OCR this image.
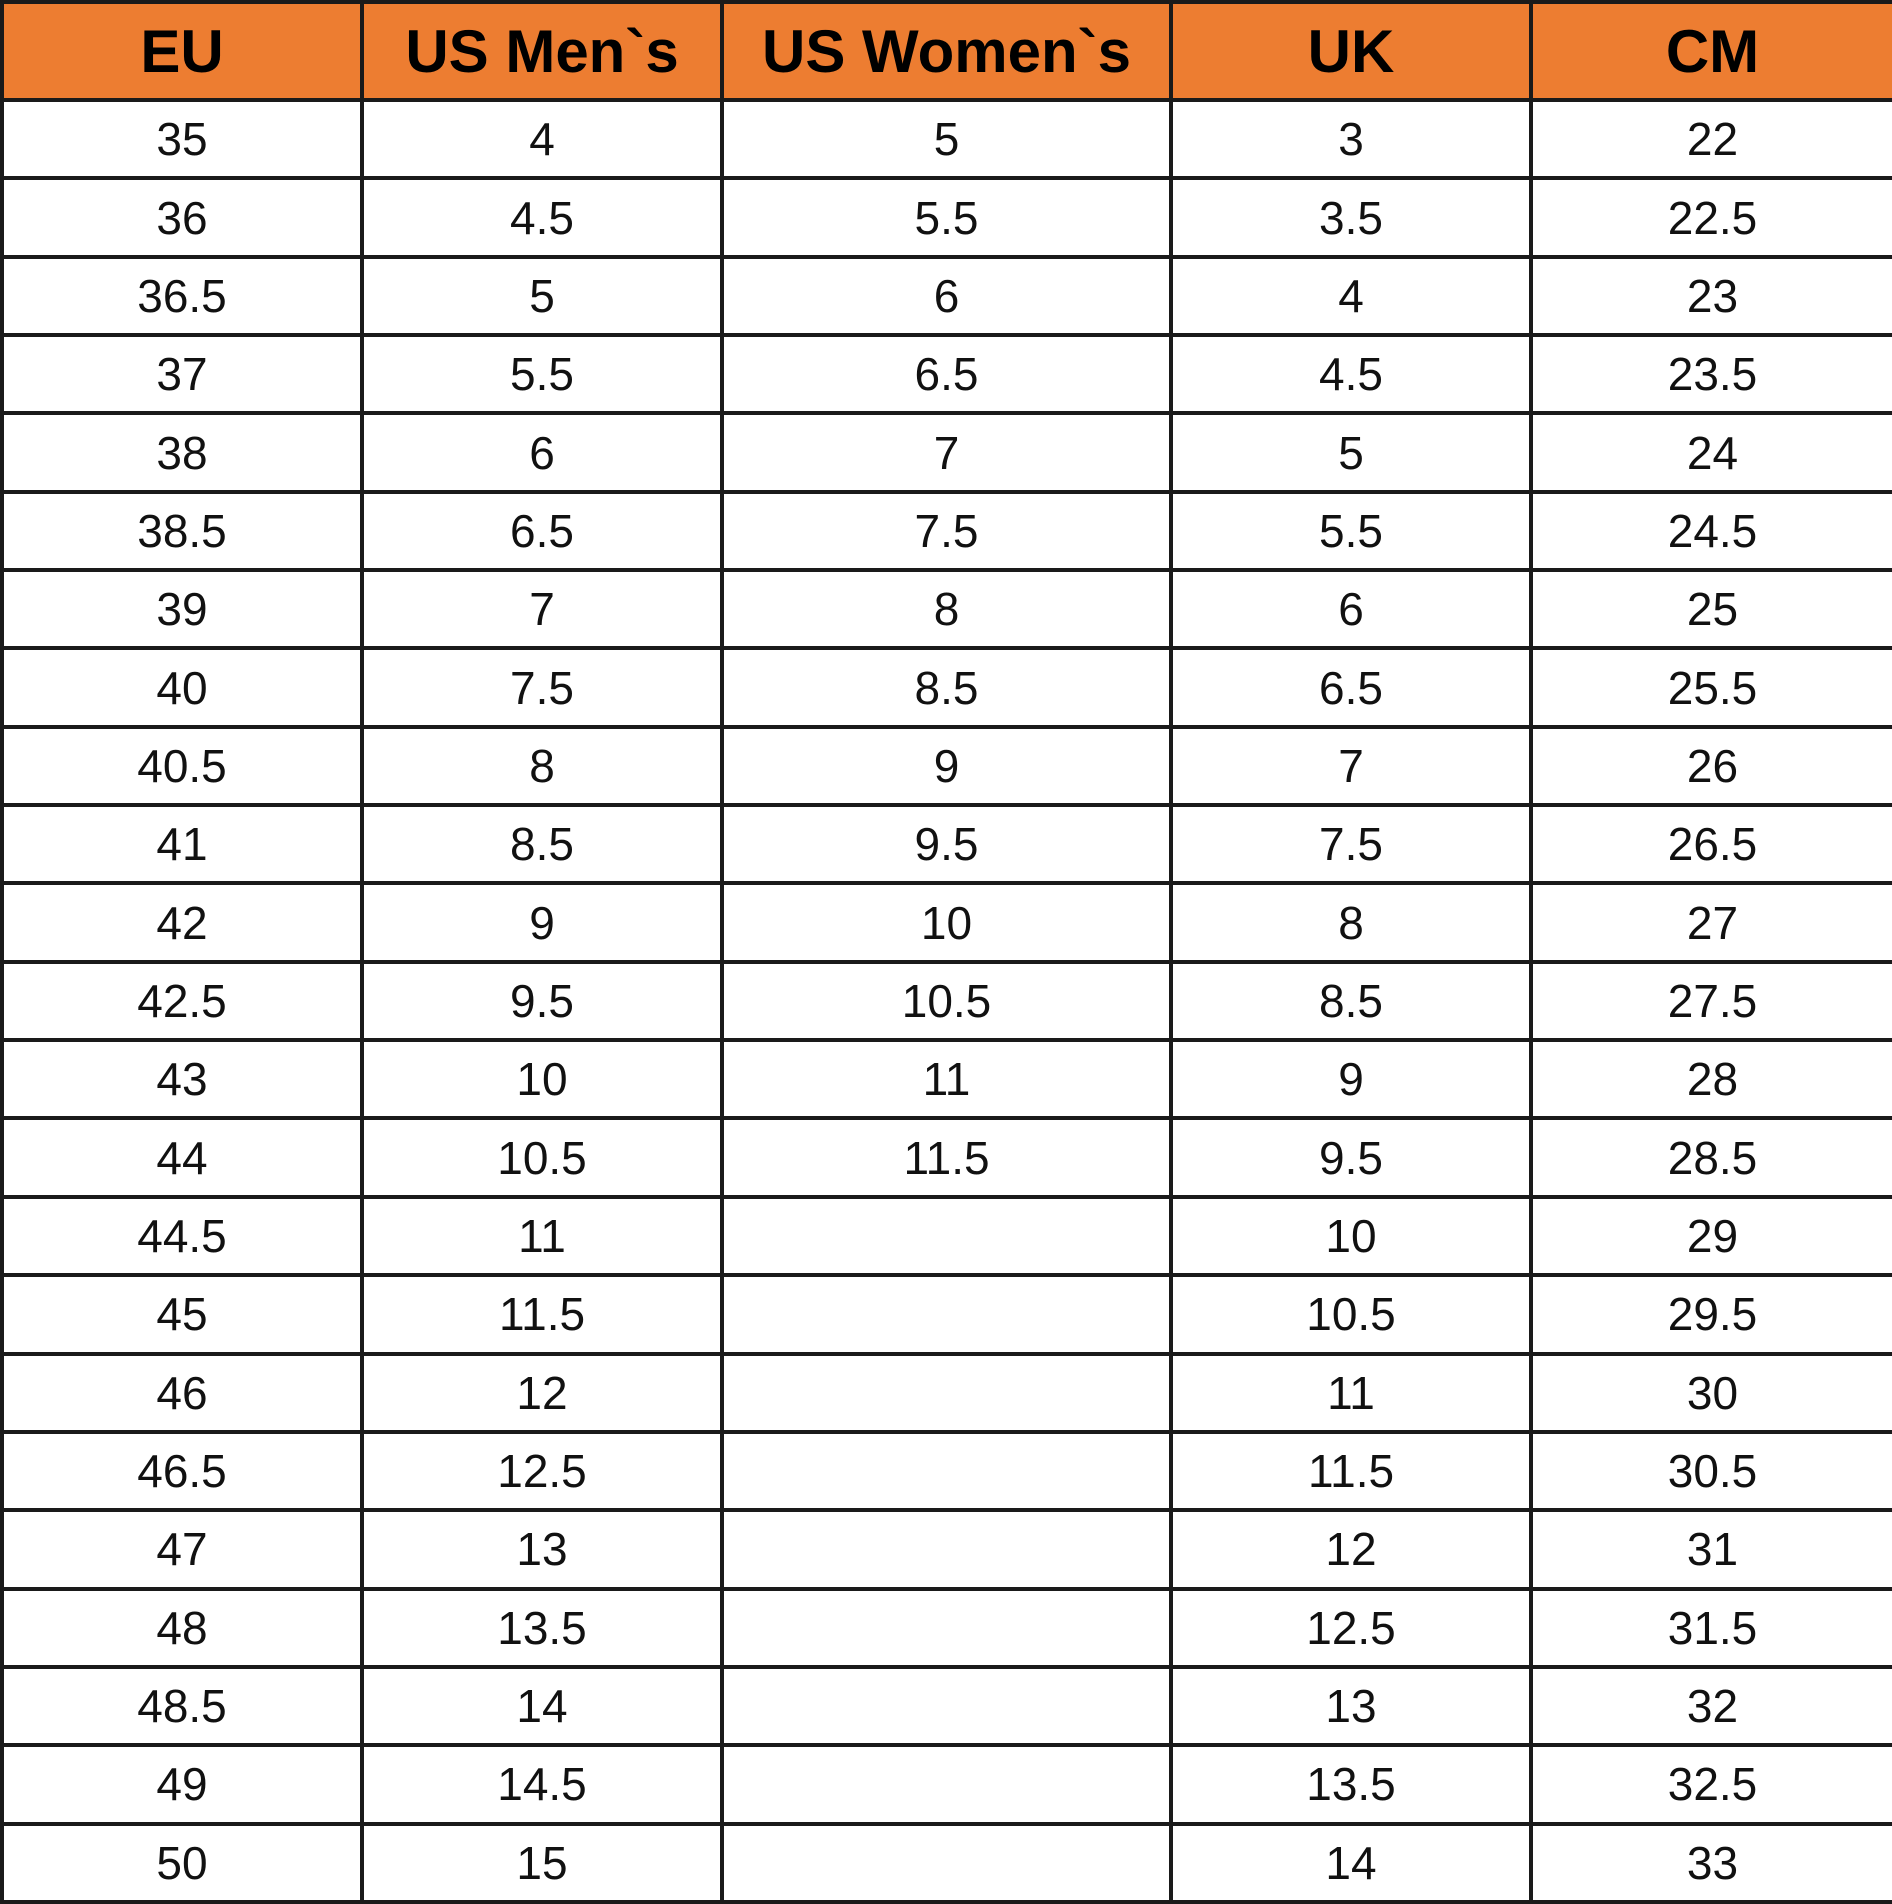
EU	US Men`s	US Women`s	UK	CM
35	4	5	3	22
36	4.5	5.5	3.5	22.5
36.5	5	6	4	23
37	5.5	6.5	4.5	23.5
38	6	7	5	24
38.5	6.5	7.5	5.5	24.5
39	7	8	6	25
40	7.5	8.5	6.5	25.5
40.5	8	9	7	26
41	8.5	9.5	7.5	26.5
42	9	10	8	27
42.5	9.5	10.5	8.5	27.5
43	10	11	9	28
44	10.5	11.5	9.5	28.5
44.5	11		10	29
45	11.5		10.5	29.5
46	12		11	30
46.5	12.5		11.5	30.5
47	13		12	31
48	13.5		12.5	31.5
48.5	14		13	32
49	14.5		13.5	32.5
50	15		14	33
